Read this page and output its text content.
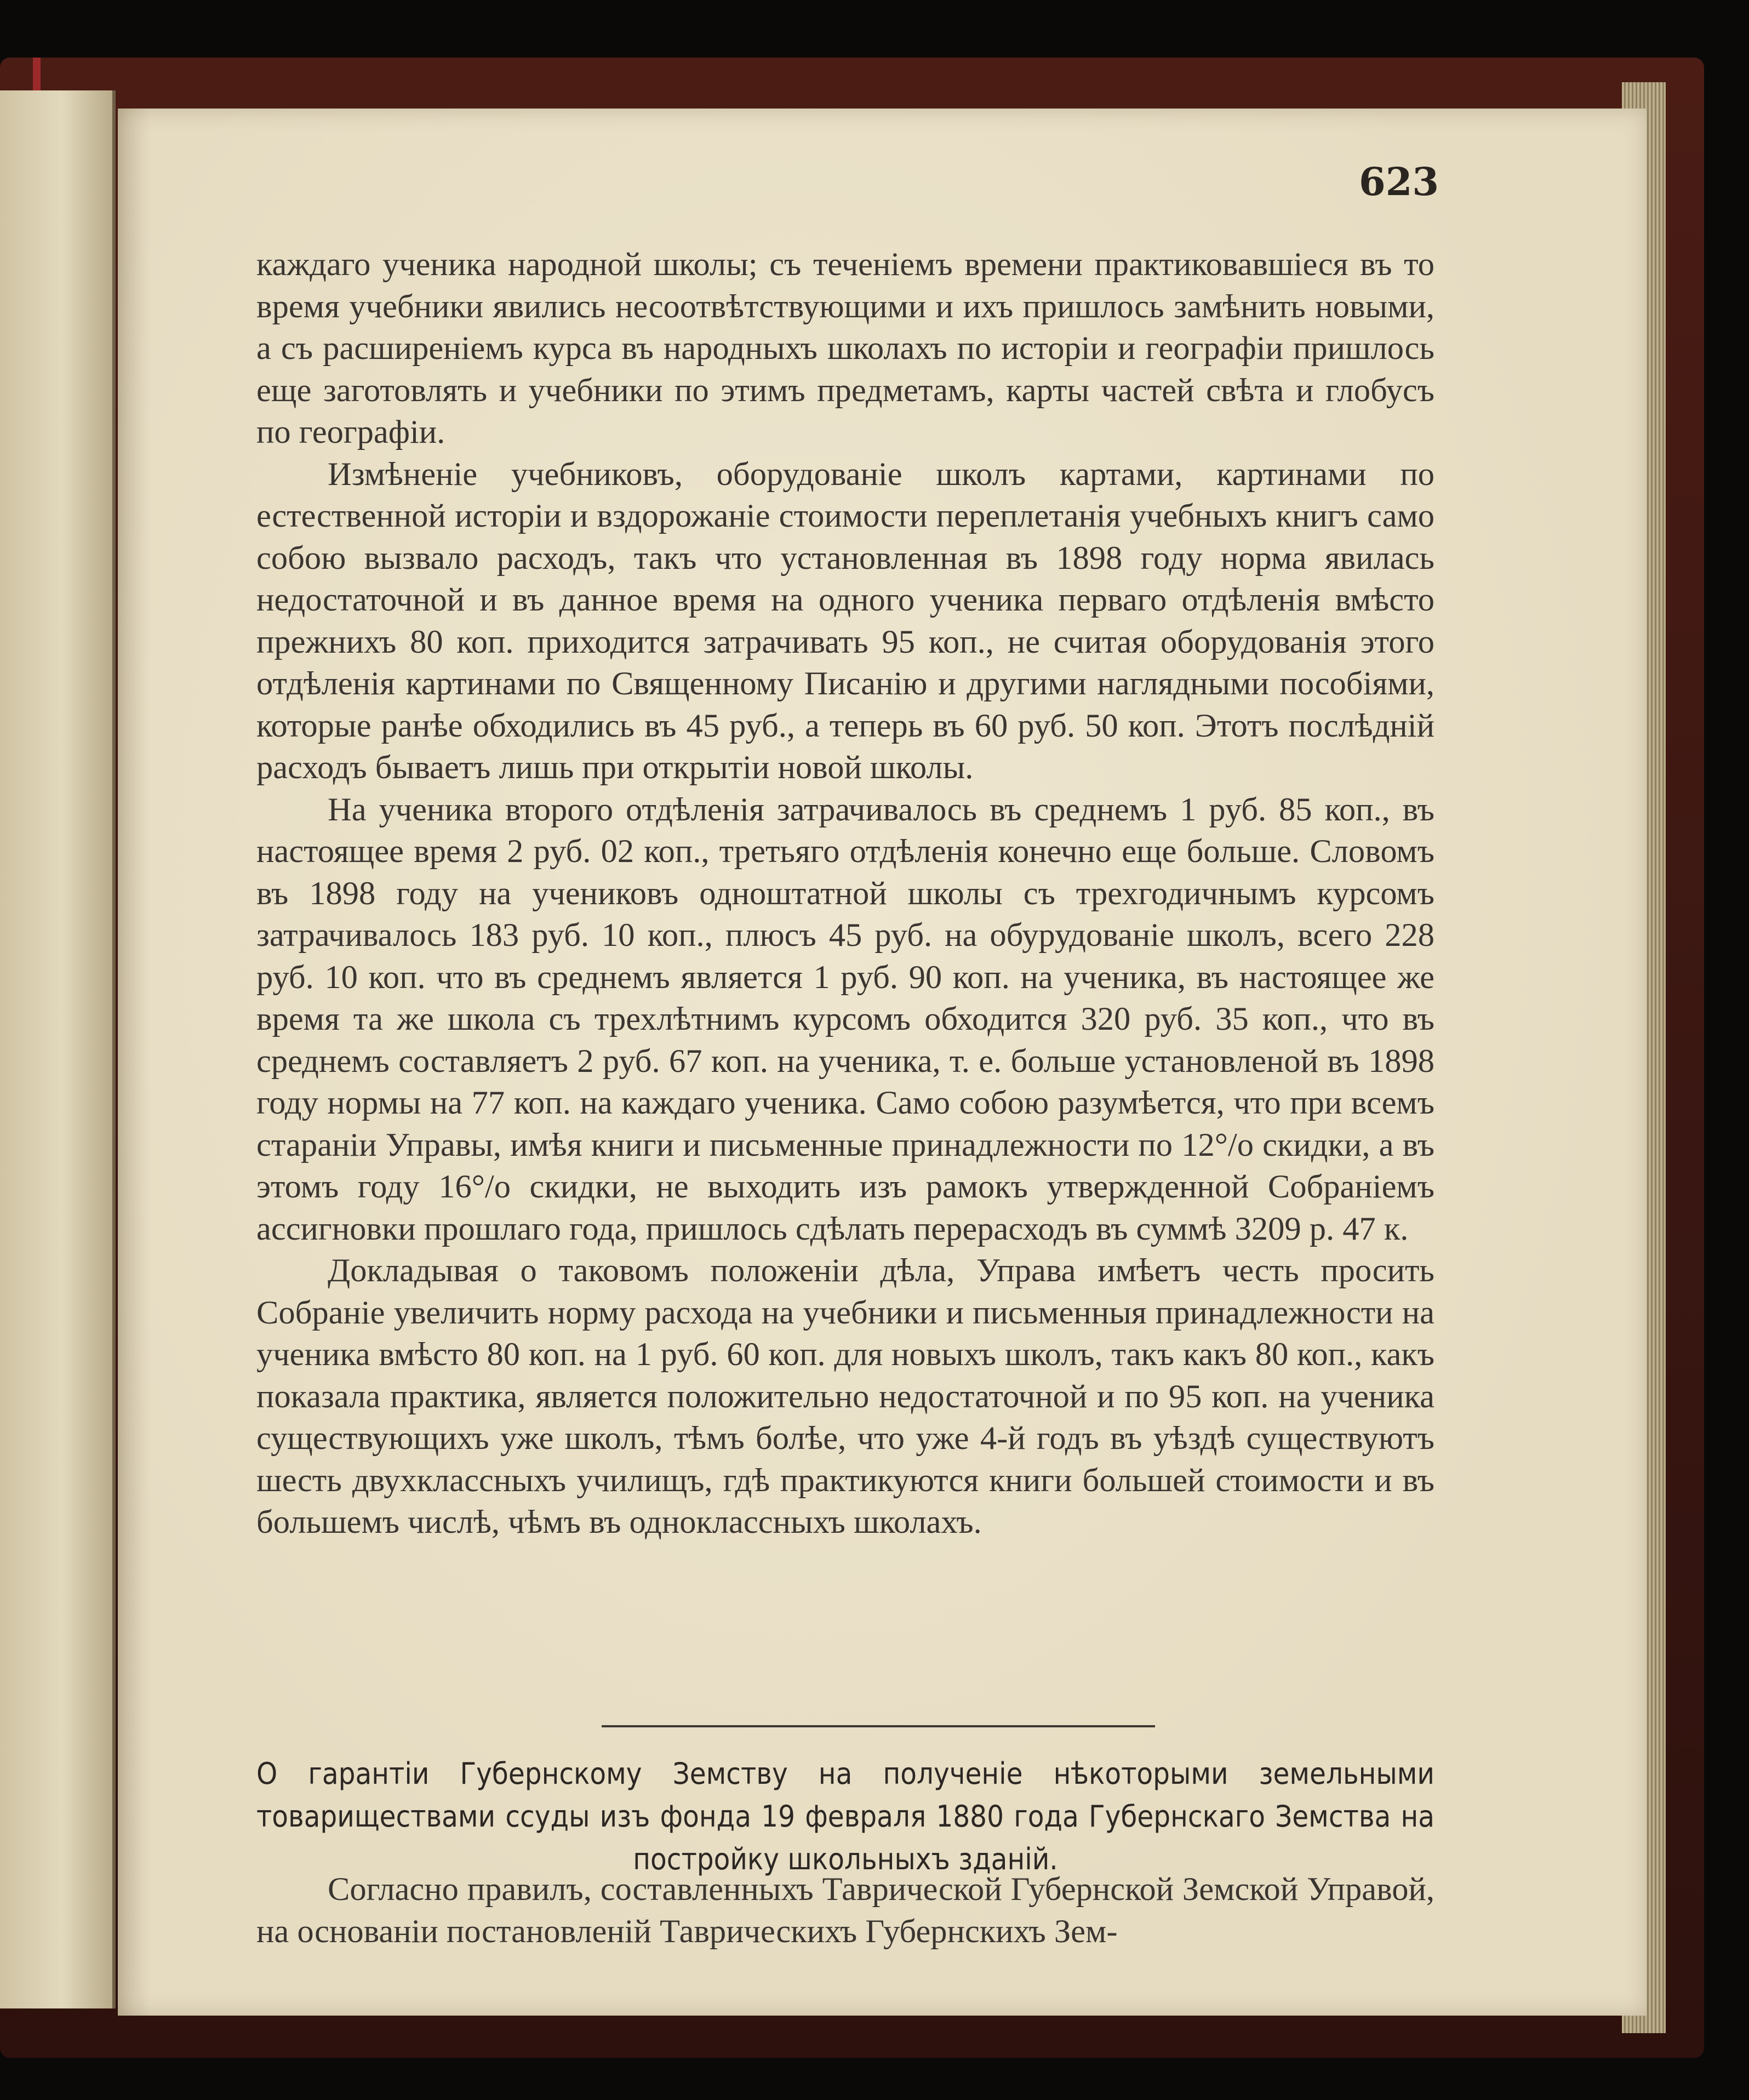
623

каждаго ученика народной школы; съ теченіемъ времени практиковавшіеся въ то время учебники явились несоотвѣтствующими и ихъ пришлось замѣнить новыми, а съ расширеніемъ курса въ народныхъ школахъ по исторіи и географіи пришлось еще заготовлять и учебники по этимъ предметамъ, карты частей свѣта и глобусъ по географіи.

Измѣненіе учебниковъ, оборудованіе школъ картами, картинами по естественной исторіи и вздорожаніе стоимости переплетанія учебныхъ книгъ само собою вызвало расходъ, такъ что установленная въ 1898 году норма явилась недостаточной и въ данное время на одного ученика перваго отдѣленія вмѣсто прежнихъ 80 коп. приходится затрачивать 95 коп., не считая оборудованія этого отдѣленія картинами по Священному Писанію и другими наглядными пособіями, которые ранѣе обходились въ 45 руб., а теперь въ 60 руб. 50 коп. Этотъ послѣдній расходъ бываетъ лишь при открытіи новой школы.

На ученика второго отдѣленія затрачивалось въ среднемъ 1 руб. 85 коп., въ настоящее время 2 руб. 02 коп., третьяго отдѣленія конечно еще больше. Словомъ въ 1898 году на учениковъ одноштатной школы съ трехгодичнымъ курсомъ затрачивалось 183 руб. 10 коп., плюсъ 45 руб. на обурудованіе школъ, всего 228 руб. 10 коп. что въ среднемъ является 1 руб. 90 коп. на ученика, въ настоящее же время та же школа съ трехлѣтнимъ курсомъ обходится 320 руб. 35 коп., что въ среднемъ составляетъ 2 руб. 67 коп. на ученика, т. е. больше установленой въ 1898 году нормы на 77 коп. на каждаго ученика. Само собою разумѣется, что при всемъ стараніи Управы, имѣя книги и письменные принадлежности по 12°/о скидки, а въ этомъ году 16°/о скидки, не выходить изъ рамокъ утвержденной Собраніемъ ассигновки прошлаго года, пришлось сдѣлать перерасходъ въ суммѣ 3209 р. 47 к.

Докладывая о таковомъ положеніи дѣла, Управа имѣетъ честь просить Собраніе увеличить норму расхода на учебники и письменныя принадлежности на ученика вмѣсто 80 коп. на 1 руб. 60 коп. для новыхъ школъ, такъ какъ 80 коп., какъ показала практика, является положительно недостаточной и по 95 коп. на ученика существующихъ уже школъ, тѣмъ болѣе, что уже 4-й годъ въ уѣздѣ существуютъ шесть двухклассныхъ училищъ, гдѣ практикуются книги большей стоимости и въ большемъ числѣ, чѣмъ въ одноклассныхъ школахъ.

О гарантіи Губернскому Земству на полученіе нѣкоторыми земельными товариществами ссуды изъ фонда 19 февраля 1880 года Губернскаго Земства на постройку школьныхъ зданій.

Согласно правилъ, составленныхъ Таврической Губернской Земской Управой, на основаніи постановленій Таврическихъ Губернскихъ Зем-
